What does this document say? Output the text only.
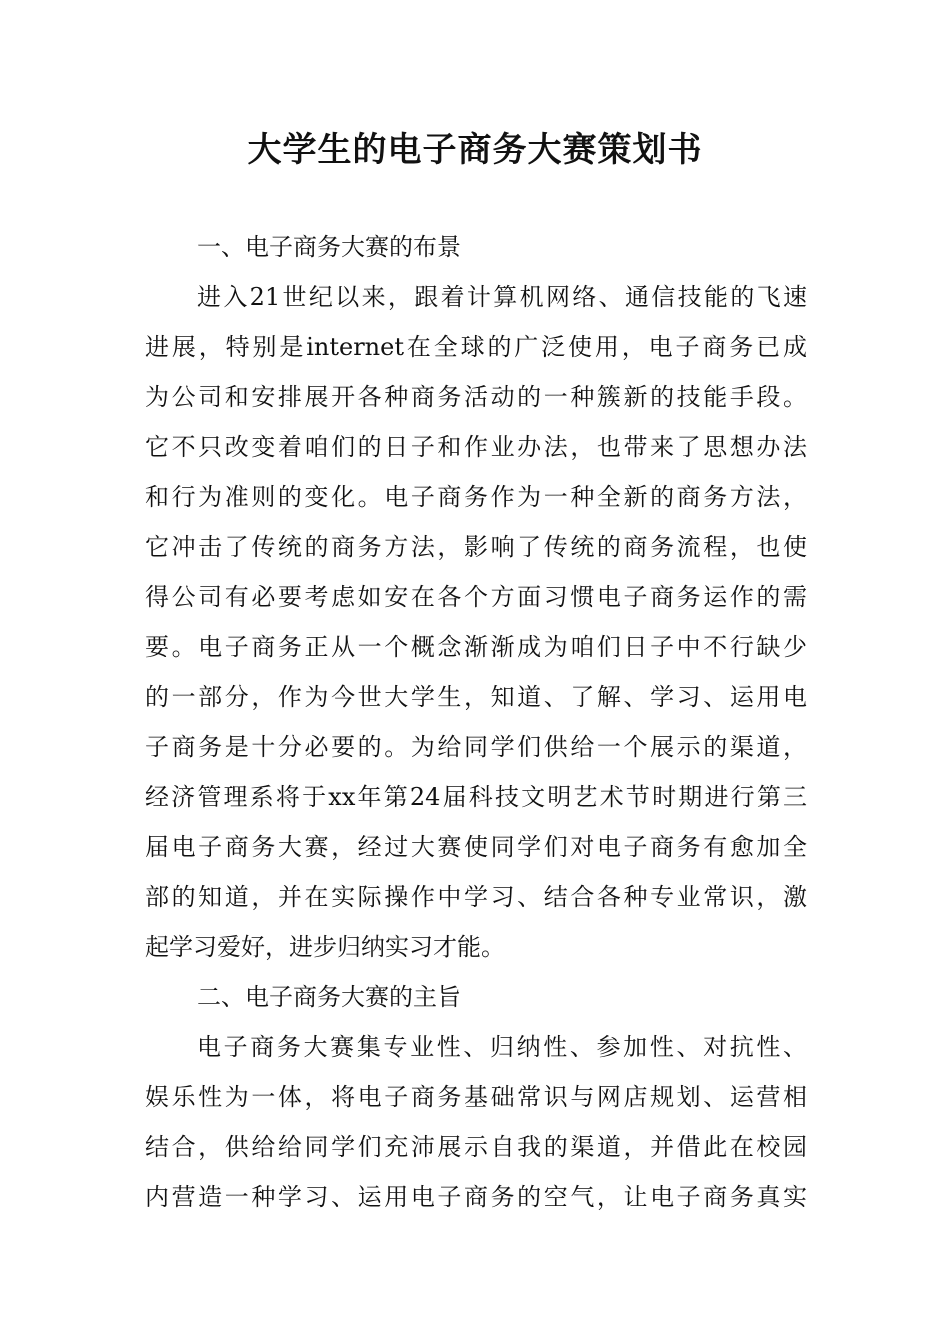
大学生的电子商务大赛策划书
一、电子商务大赛的布景
进入21世纪以来，跟着计算机网络、通信技能的飞速
进展，特别是internet在全球的广泛使用，电子商务已成
为公司和安排展开各种商务活动的一种簇新的技能手段。
它不只改变着咱们的日子和作业办法，也带来了思想办法
和行为准则的变化。电子商务作为一种全新的商务方法，
它冲击了传统的商务方法，影响了传统的商务流程，也使
得公司有必要考虑如安在各个方面习惯电子商务运作的需
要。电子商务正从一个概念渐渐成为咱们日子中不行缺少
的一部分，作为今世大学生，知道、了解、学习、运用电
子商务是十分必要的。为给同学们供给一个展示的渠道，
经济管理系将于xx年第24届科技文明艺术节时期进行第三
届电子商务大赛，经过大赛使同学们对电子商务有愈加全
部的知道，并在实际操作中学习、结合各种专业常识，激
起学习爱好，进步归纳实习才能。
二、电子商务大赛的主旨
电子商务大赛集专业性、归纳性、参加性、对抗性、
娱乐性为一体，将电子商务基础常识与网店规划、运营相
结合，供给给同学们充沛展示自我的渠道，并借此在校园
内营造一种学习、运用电子商务的空气，让电子商务真实
